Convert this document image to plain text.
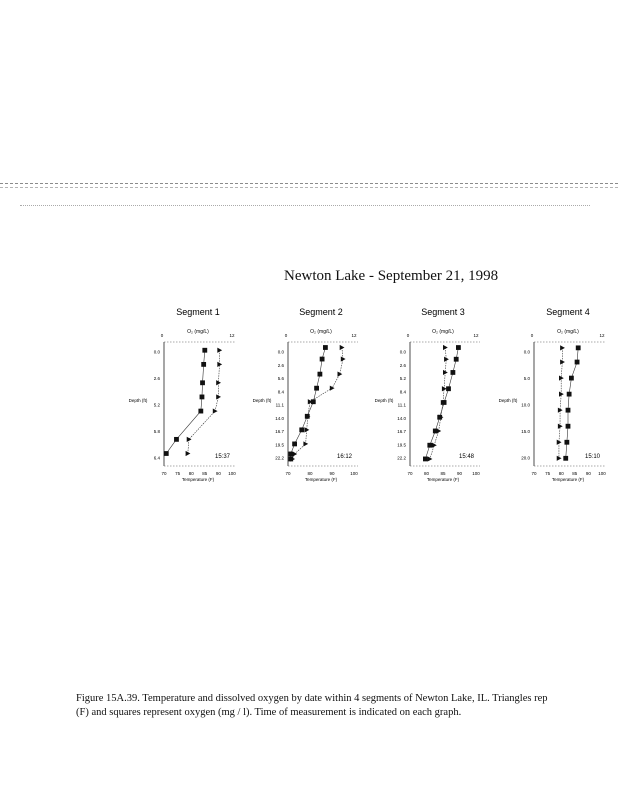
Newton Lake - September 21, 1998
Segment 1
O₂ (mg/L)
0	12
0.0
2.6
5.2
5.8
6.4
Depth (ft)
70 75 80 85 90 100
Temperature (F)
15:37
Segment 2
O₂ (mg/L)
0	12
0.0
2.6
5.6
8.4
11.1
14.0
16.7
19.5
22.2
Depth (ft)
70	80	90	100
Temperature (F)
16:12
Segment 3
O₂ (mg/L)
0	12
0.0
2.6
5.2
8.4
11.1
14.0
16.7
19.5
22.2
Depth (ft)
70	80	85	90 100
Temperature (F)
15:48
Segment 4
O₂ (mg/L)
0	12
0.0
5.0
10.0
15.0
20.0
Depth (ft)
70 75 80 85 90 100
Temperature (F)
15:10
Figure 15A.39. Temperature and dissolved oxygen by date within 4 segments of Newton Lake, IL. Triangles rep
(F) and squares represent oxygen (mg / l). Time of measurement is indicated on each graph.
